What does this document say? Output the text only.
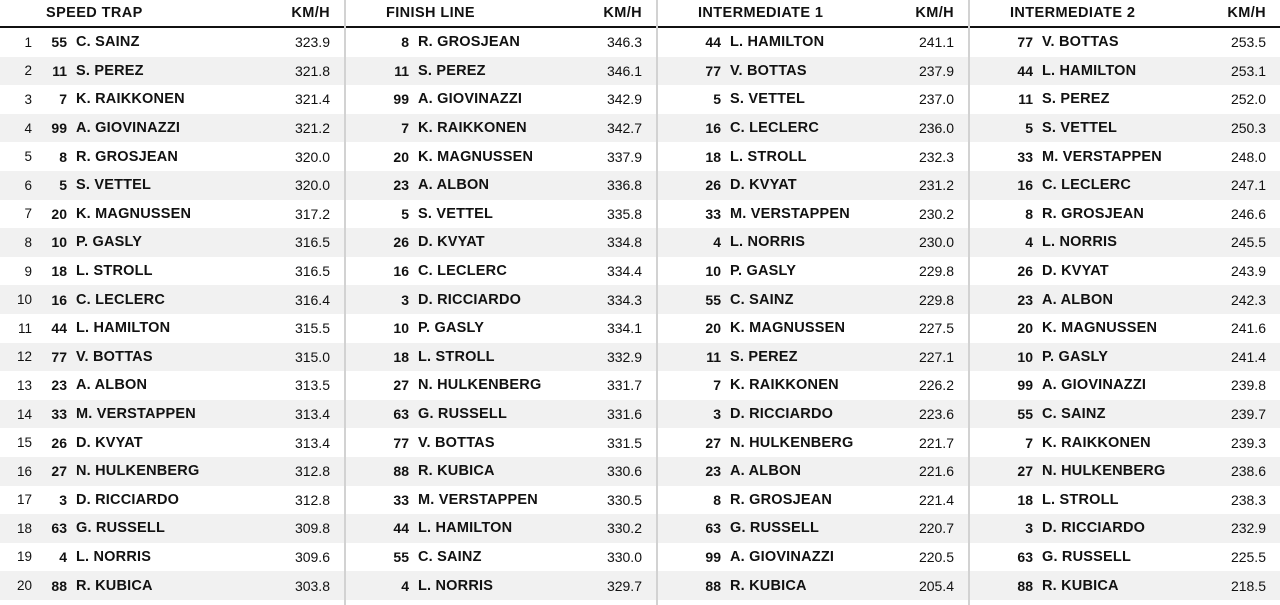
SPEED TRAP	KM/H
1	55 C. SAINZ	323.9
2	11 S. PEREZ	321.8
3	7 K. RAIKKONEN	321.4
4	99 A. GIOVINAZZI	321.2
5	8 R. GROSJEAN	320.0
6	5 S. VETTEL	320.0
7	20 K. MAGNUSSEN	317.2
8	10 P. GASLY	316.5
9	18 L. STROLL	316.5
10	16 C. LECLERC	316.4
11	44 L. HAMILTON	315.5
12	77 V. BOTTAS	315.0
13	23 A. ALBON	313.5
14	33 M. VERSTAPPEN	313.4
15	26 D. KVYAT	313.4
16	27 N. HULKENBERG	312.8
17	3 D. RICCIARDO	312.8
18	63 G. RUSSELL	309.8
19	4 L. NORRIS	309.6
20	88 R. KUBICA	303.8
FINISH LINE	KM/H
8 R. GROSJEAN	346.3
11 S. PEREZ	346.1
99 A. GIOVINAZZI	342.9
7 K. RAIKKONEN	342.7
20 K. MAGNUSSEN	337.9
23 A. ALBON	336.8
5 S. VETTEL	335.8
26 D. KVYAT	334.8
16 C. LECLERC	334.4
3 D. RICCIARDO	334.3
10 P. GASLY	334.1
18 L. STROLL	332.9
27 N. HULKENBERG	331.7
63 G. RUSSELL	331.6
77 V. BOTTAS	331.5
88 R. KUBICA	330.6
33 M. VERSTAPPEN	330.5
44 L. HAMILTON	330.2
55 C. SAINZ	330.0
4 L. NORRIS	329.7
INTERMEDIATE 1	KM/H
44 L. HAMILTON	241.1
77 V. BOTTAS	237.9
5 S. VETTEL	237.0
16 C. LECLERC	236.0
18 L. STROLL	232.3
26 D. KVYAT	231.2
33 M. VERSTAPPEN	230.2
4 L. NORRIS	230.0
10 P. GASLY	229.8
55 C. SAINZ	229.8
20 K. MAGNUSSEN	227.5
11 S. PEREZ	227.1
7 K. RAIKKONEN	226.2
3 D. RICCIARDO	223.6
27 N. HULKENBERG	221.7
23 A. ALBON	221.6
8 R. GROSJEAN	221.4
63 G. RUSSELL	220.7
99 A. GIOVINAZZI	220.5
88 R. KUBICA	205.4
INTERMEDIATE 2	KM/H
77 V. BOTTAS	253.5
44 L. HAMILTON	253.1
11 S. PEREZ	252.0
5 S. VETTEL	250.3
33 M. VERSTAPPEN	248.0
16 C. LECLERC	247.1
8 R. GROSJEAN	246.6
4 L. NORRIS	245.5
26 D. KVYAT	243.9
23 A. ALBON	242.3
20 K. MAGNUSSEN	241.6
10 P. GASLY	241.4
99 A. GIOVINAZZI	239.8
55 C. SAINZ	239.7
7 K. RAIKKONEN	239.3
27 N. HULKENBERG	238.6
18 L. STROLL	238.3
3 D. RICCIARDO	232.9
63 G. RUSSELL	225.5
88 R. KUBICA	218.5
